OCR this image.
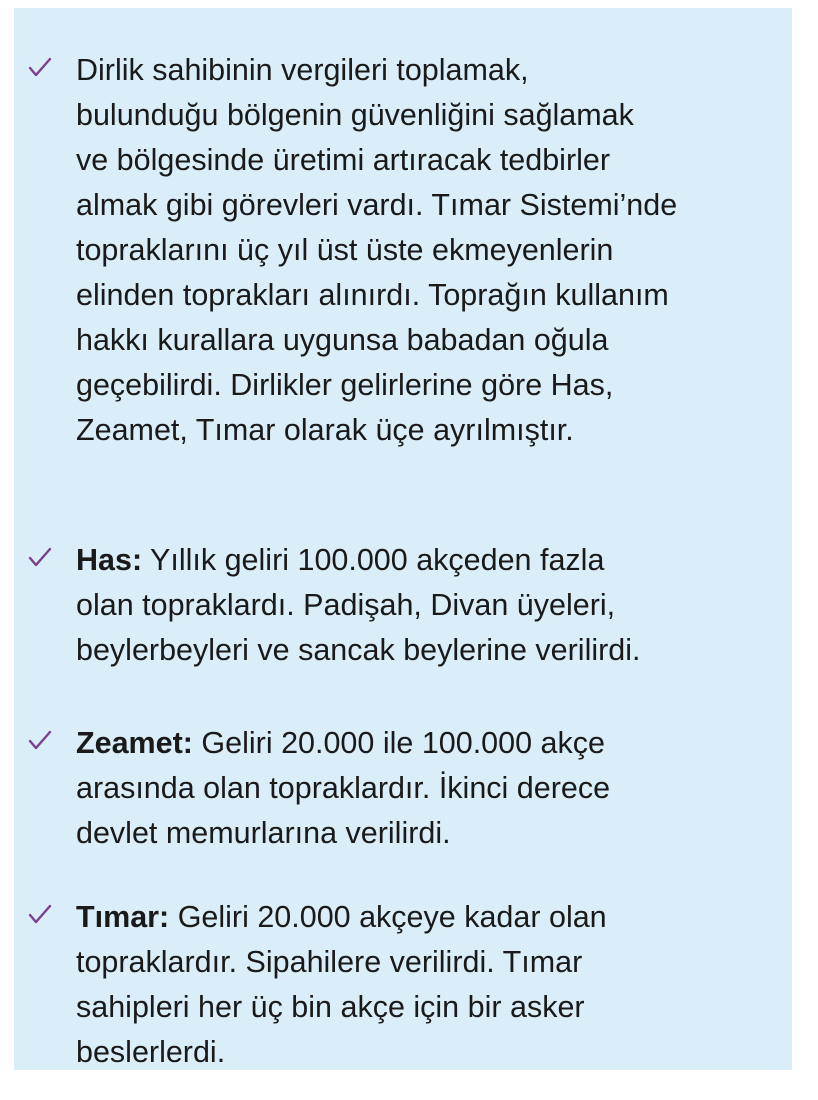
Dirlik sahibinin vergileri toplamak,
bulunduğu bölgenin güvenliğini sağlamak
ve bölgesinde üretimi artıracak tedbirler
almak gibi görevleri vardı. Tımar Sistemi’nde
topraklarını üç yıl üst üste ekmeyenlerin
elinden toprakları alınırdı. Toprağın kullanım
hakkı kurallara uygunsa babadan oğula
geçebilirdi. Dirlikler gelirlerine göre Has,
Zeamet, Tımar olarak üçe ayrılmıştır.

Has: Yıllık geliri 100.000 akçeden fazla
olan topraklardı. Padişah, Divan üyeleri,
beylerbeyleri ve sancak beylerine verilirdi.

Zeamet: Geliri 20.000 ile 100.000 akçe
arasında olan topraklardır. İkinci derece
devlet memurlarına verilirdi.

Tımar: Geliri 20.000 akçeye kadar olan
topraklardır. Sipahilere verilirdi. Tımar
sahipleri her üç bin akçe için bir asker
beslerlerdi.
